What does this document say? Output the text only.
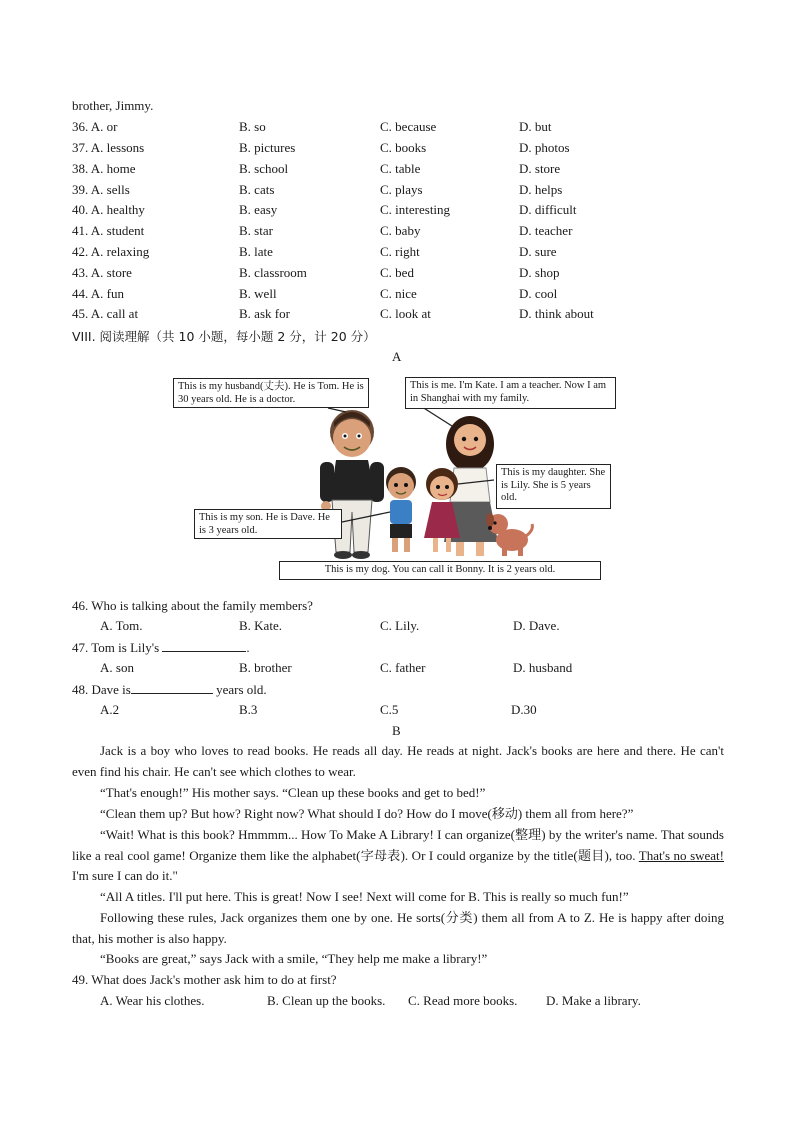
brother, Jimmy.
36. A. or	B. so	C. because	D. but
37. A. lessons	B. pictures	C. books	D. photos
38. A. home	B. school	C. table	D. store
39. A. sells	B. cats	C. plays	D. helps
40. A. healthy	B. easy	C. interesting	D. difficult
41. A. student	B. star	C. baby	D. teacher
42. A. relaxing	B. late	C. right	D. sure
43. A. store	B. classroom	C. bed	D. shop
44. A. fun	B. well	C. nice	D. cool
45. A. call at	B. ask for	C. look at	D. think about
VIII. 阅读理解（共 10 小题，每小题 2 分，计 20 分）
A
This is my husband(丈夫). He is Tom. He is 30 years old. He is a doctor.
This is me. I'm Kate. I am a teacher. Now I am in Shanghai with my family.
This is my daughter. She is Lily. She is 5 years old.
This is my son. He is Dave. He is 3 years old.
This is my dog. You can call it Bonny. It is 2 years old.
46. Who is talking about the family members?
A. Tom.	B. Kate.	C. Lily.	D. Dave.
47. Tom is Lily's	.
A. son	B. brother	C. father	D. husband
48. Dave is	years old.
A.2	B.3	C.5	D.30
B
Jack is a boy who loves to read books. He reads all day. He reads at night. Jack's books are here and there. He can't even find his chair. He can't see which clothes to wear.
“That's enough!” His mother says. “Clean up these books and get to bed!”
“Clean them up? But how? Right now? What should I do? How do I move(移动) them all from here?”
“Wait! What is this book? Hmmmm... How To Make A Library! I can organize(整理) by the writer's name. That sounds like a real cool game! Organize them like the alphabet(字母表). Or I could organize by the title(题目), too. That's no sweat! I'm sure I can do it."
“All A titles. I'll put here. This is great! Now I see! Next will come for B. This is really so much fun!”
Following these rules, Jack organizes them one by one. He sorts(分类) them all from A to Z. He is happy after doing that, his mother is also happy.
“Books are great,” says Jack with a smile, “They help me make a library!”
49. What does Jack's mother ask him to do at first?
A. Wear his clothes.	B. Clean up the books. C. Read more books. D. Make a library.
